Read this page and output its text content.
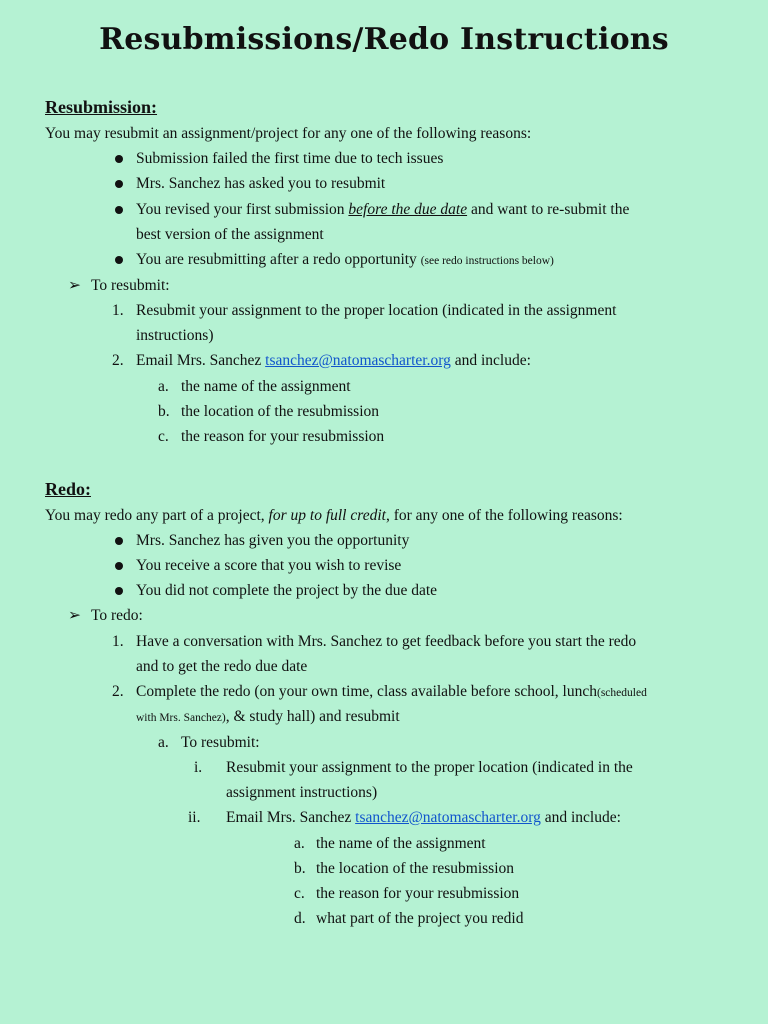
Resubmissions/Redo Instructions
Resubmission:
You may resubmit an assignment/project for any one of the following reasons:
Submission failed the first time due to tech issues
Mrs. Sanchez has asked you to resubmit
You revised your first submission before the due date and want to re-submit the
best version of the assignment
You are resubmitting after a redo opportunity (see redo instructions below)
➢ To resubmit:
1. Resubmit your assignment to the proper location (indicated in the assignment
instructions)
2. Email Mrs. Sanchez tsanchez@natomascharter.org and include:
a. the name of the assignment
b. the location of the resubmission
c. the reason for your resubmission
Redo:
You may redo any part of a project, for up to full credit, for any one of the following reasons:
Mrs. Sanchez has given you the opportunity
You receive a score that you wish to revise
You did not complete the project by the due date
➢ To redo:
1. Have a conversation with Mrs. Sanchez to get feedback before you start the redo
and to get the redo due date
2. Complete the redo (on your own time, class available before school, lunch(scheduled
with Mrs. Sanchez), & study hall) and resubmit
a. To resubmit:
i. Resubmit your assignment to the proper location (indicated in the
assignment instructions)
ii. Email Mrs. Sanchez tsanchez@natomascharter.org and include:
a. the name of the assignment
b. the location of the resubmission
c. the reason for your resubmission
d. what part of the project you redid
